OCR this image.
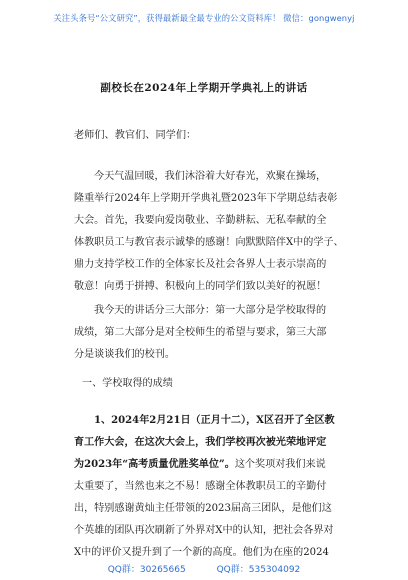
关注头条号“公文研究”，获得最新最全最专业的公文资料库！ 微信：gongwenyj
副校长在2024年上学期开学典礼上的讲话
老师们、教官们、同学们：
今天气温回暖，我们沐浴着大好春光，欢聚在操场，
隆重举行2024年上学期开学典礼暨2023年下学期总结表彰
大会。首先，我要向爱岗敬业、辛勤耕耘、无私奉献的全
体教职员工与教官表示诚挚的感谢！向默默陪伴X中的学子、
鼎力支持学校工作的全体家长及社会各界人士表示崇高的
敬意！向勇于拼搏、积极向上的同学们致以美好的祝愿！
我今天的讲话分三大部分：第一大部分是学校取得的
成绩，第二大部分是对全校师生的希望与要求，第三大部
分是谈谈我们的校刊。
一、学校取得的成绩
1、2024年2月21日（正月十二），X区召开了全区教
育工作大会，在这次大会上，我们学校再次被光荣地评定
为2023年“高考质量优胜奖单位”。这个奖项对我们来说
太重要了，当然也来之不易！感谢全体教职员工的辛勤付
出，特别感谢黄灿主任带领的2023届高三团队，是他们这
个英雄的团队再次刷新了外界对X中的认知，把社会各界对
X中的评价又提升到了一个新的高度。他们为在座的2024
QQ群：30265665	QQ群：535304092
